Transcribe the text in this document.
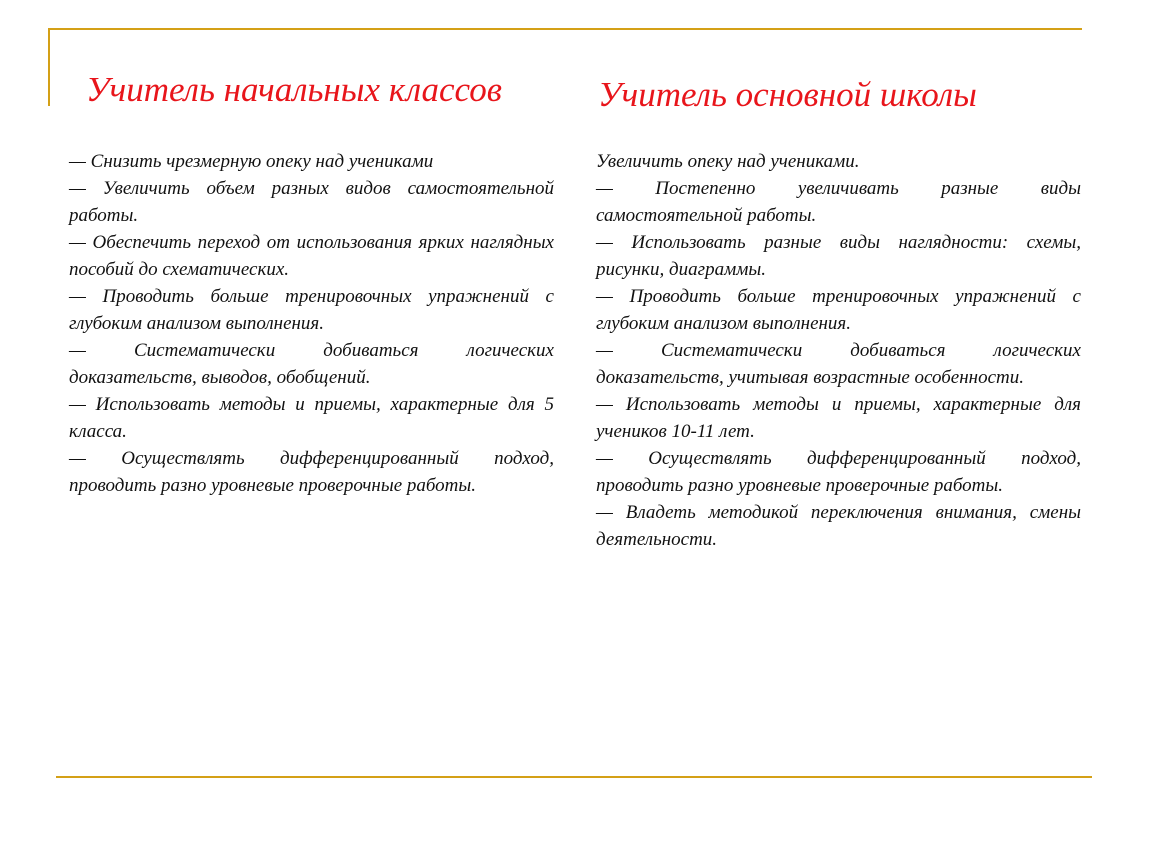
Учитель начальных классов	Учитель основной школы

— Снизить чрезмерную опеку над учениками

— Увеличить объем разных видов самостоятельной работы.

— Обеспечить переход от использования ярких наглядных пособий до схематических.

— Проводить больше тренировочных упражнений с глубоким анализом выполнения.

— Систематически добиваться логических доказательств, выводов, обобщений.

— Использовать методы и приемы, характерные для 5 класса.

— Осуществлять дифференцированный подход, проводить разно уровневые проверочные работы.

Увеличить опеку над учениками.

— Постепенно увеличивать разные виды самостоятельной работы.

— Использовать разные виды наглядности: схемы, рисунки, диаграммы.

— Проводить больше тренировочных упражнений с глубоким анализом выполнения.

— Систематически добиваться логических доказательств, учитывая возрастные особенности.

— Использовать методы и приемы, характерные для учеников 10-11 лет.

— Осуществлять дифференцированный подход, проводить разно уровневые проверочные работы.

— Владеть методикой переключения внимания, смены деятельности.
